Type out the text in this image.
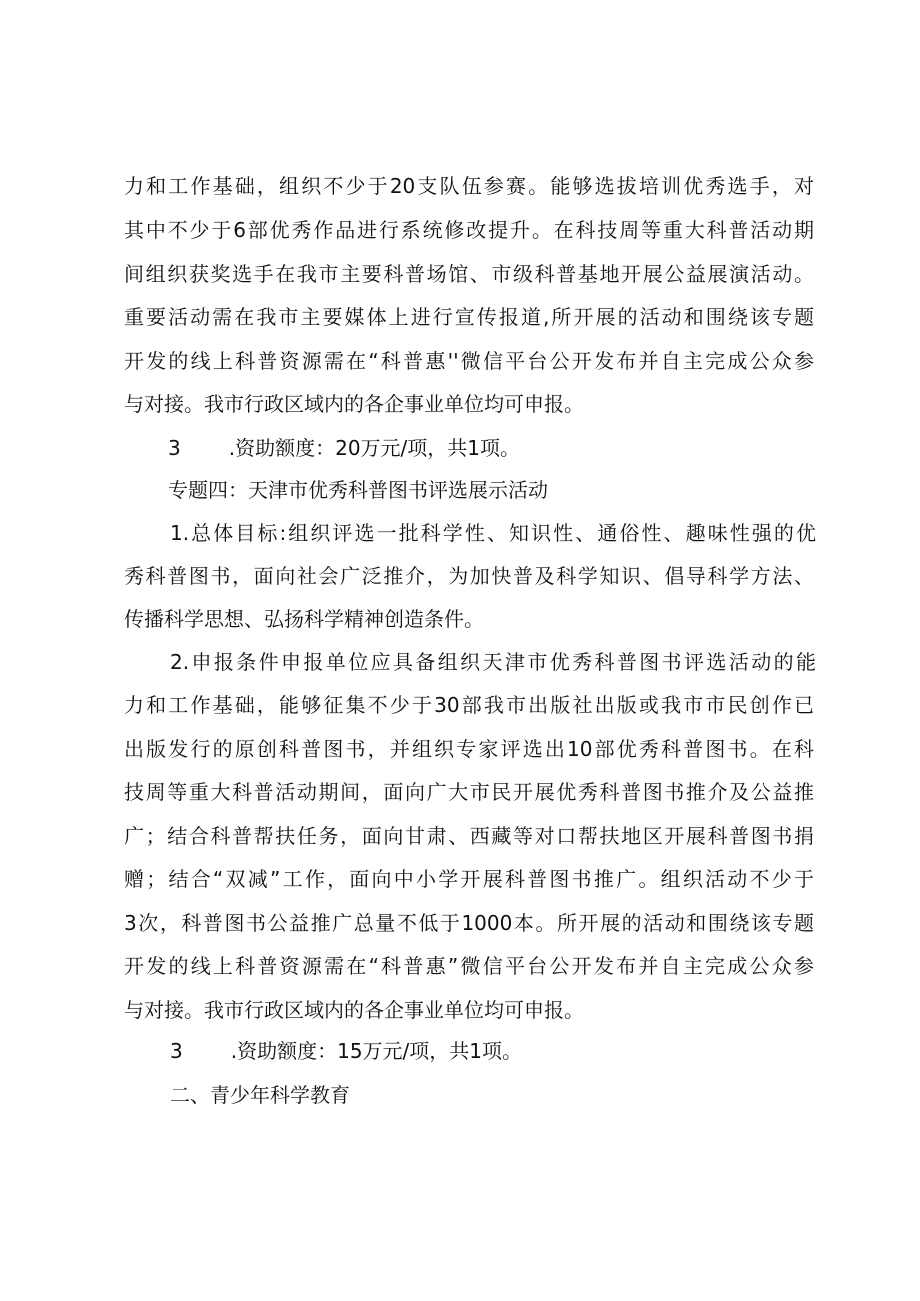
力和工作基础，组织不少于20支队伍参赛。能够选拔培训优秀选手，对
其中不少于6部优秀作品进行系统修改提升。在科技周等重大科普活动期
间组织获奖选手在我市主要科普场馆、市级科普基地开展公益展演活动。
重要活动需在我市主要媒体上进行宣传报道,所开展的活动和围绕该专题
开发的线上科普资源需在“科普惠''微信平台公开发布并自主完成公众参
与对接。我市行政区域内的各企事业单位均可申报。
3 .资助额度：20万元/项，共1项。
专题四：天津市优秀科普图书评选展示活动
1.总体目标:组织评选一批科学性、知识性、通俗性、趣味性强的优
秀科普图书，面向社会广泛推介，为加快普及科学知识、倡导科学方法、
传播科学思想、弘扬科学精神创造条件。
2.申报条件申报单位应具备组织天津市优秀科普图书评选活动的能
力和工作基础，能够征集不少于30部我市出版社出版或我市市民创作已
出版发行的原创科普图书，并组织专家评选出10部优秀科普图书。在科
技周等重大科普活动期间，面向广大市民开展优秀科普图书推介及公益推
广；结合科普帮扶任务，面向甘肃、西藏等对口帮扶地区开展科普图书捐
赠；结合“双减”工作，面向中小学开展科普图书推广。组织活动不少于
3次，科普图书公益推广总量不低于1000本。所开展的活动和围绕该专题
开发的线上科普资源需在“科普惠”微信平台公开发布并自主完成公众参
与对接。我市行政区域内的各企事业单位均可申报。
3 .资助额度：15万元/项，共1项。
二、青少年科学教育
